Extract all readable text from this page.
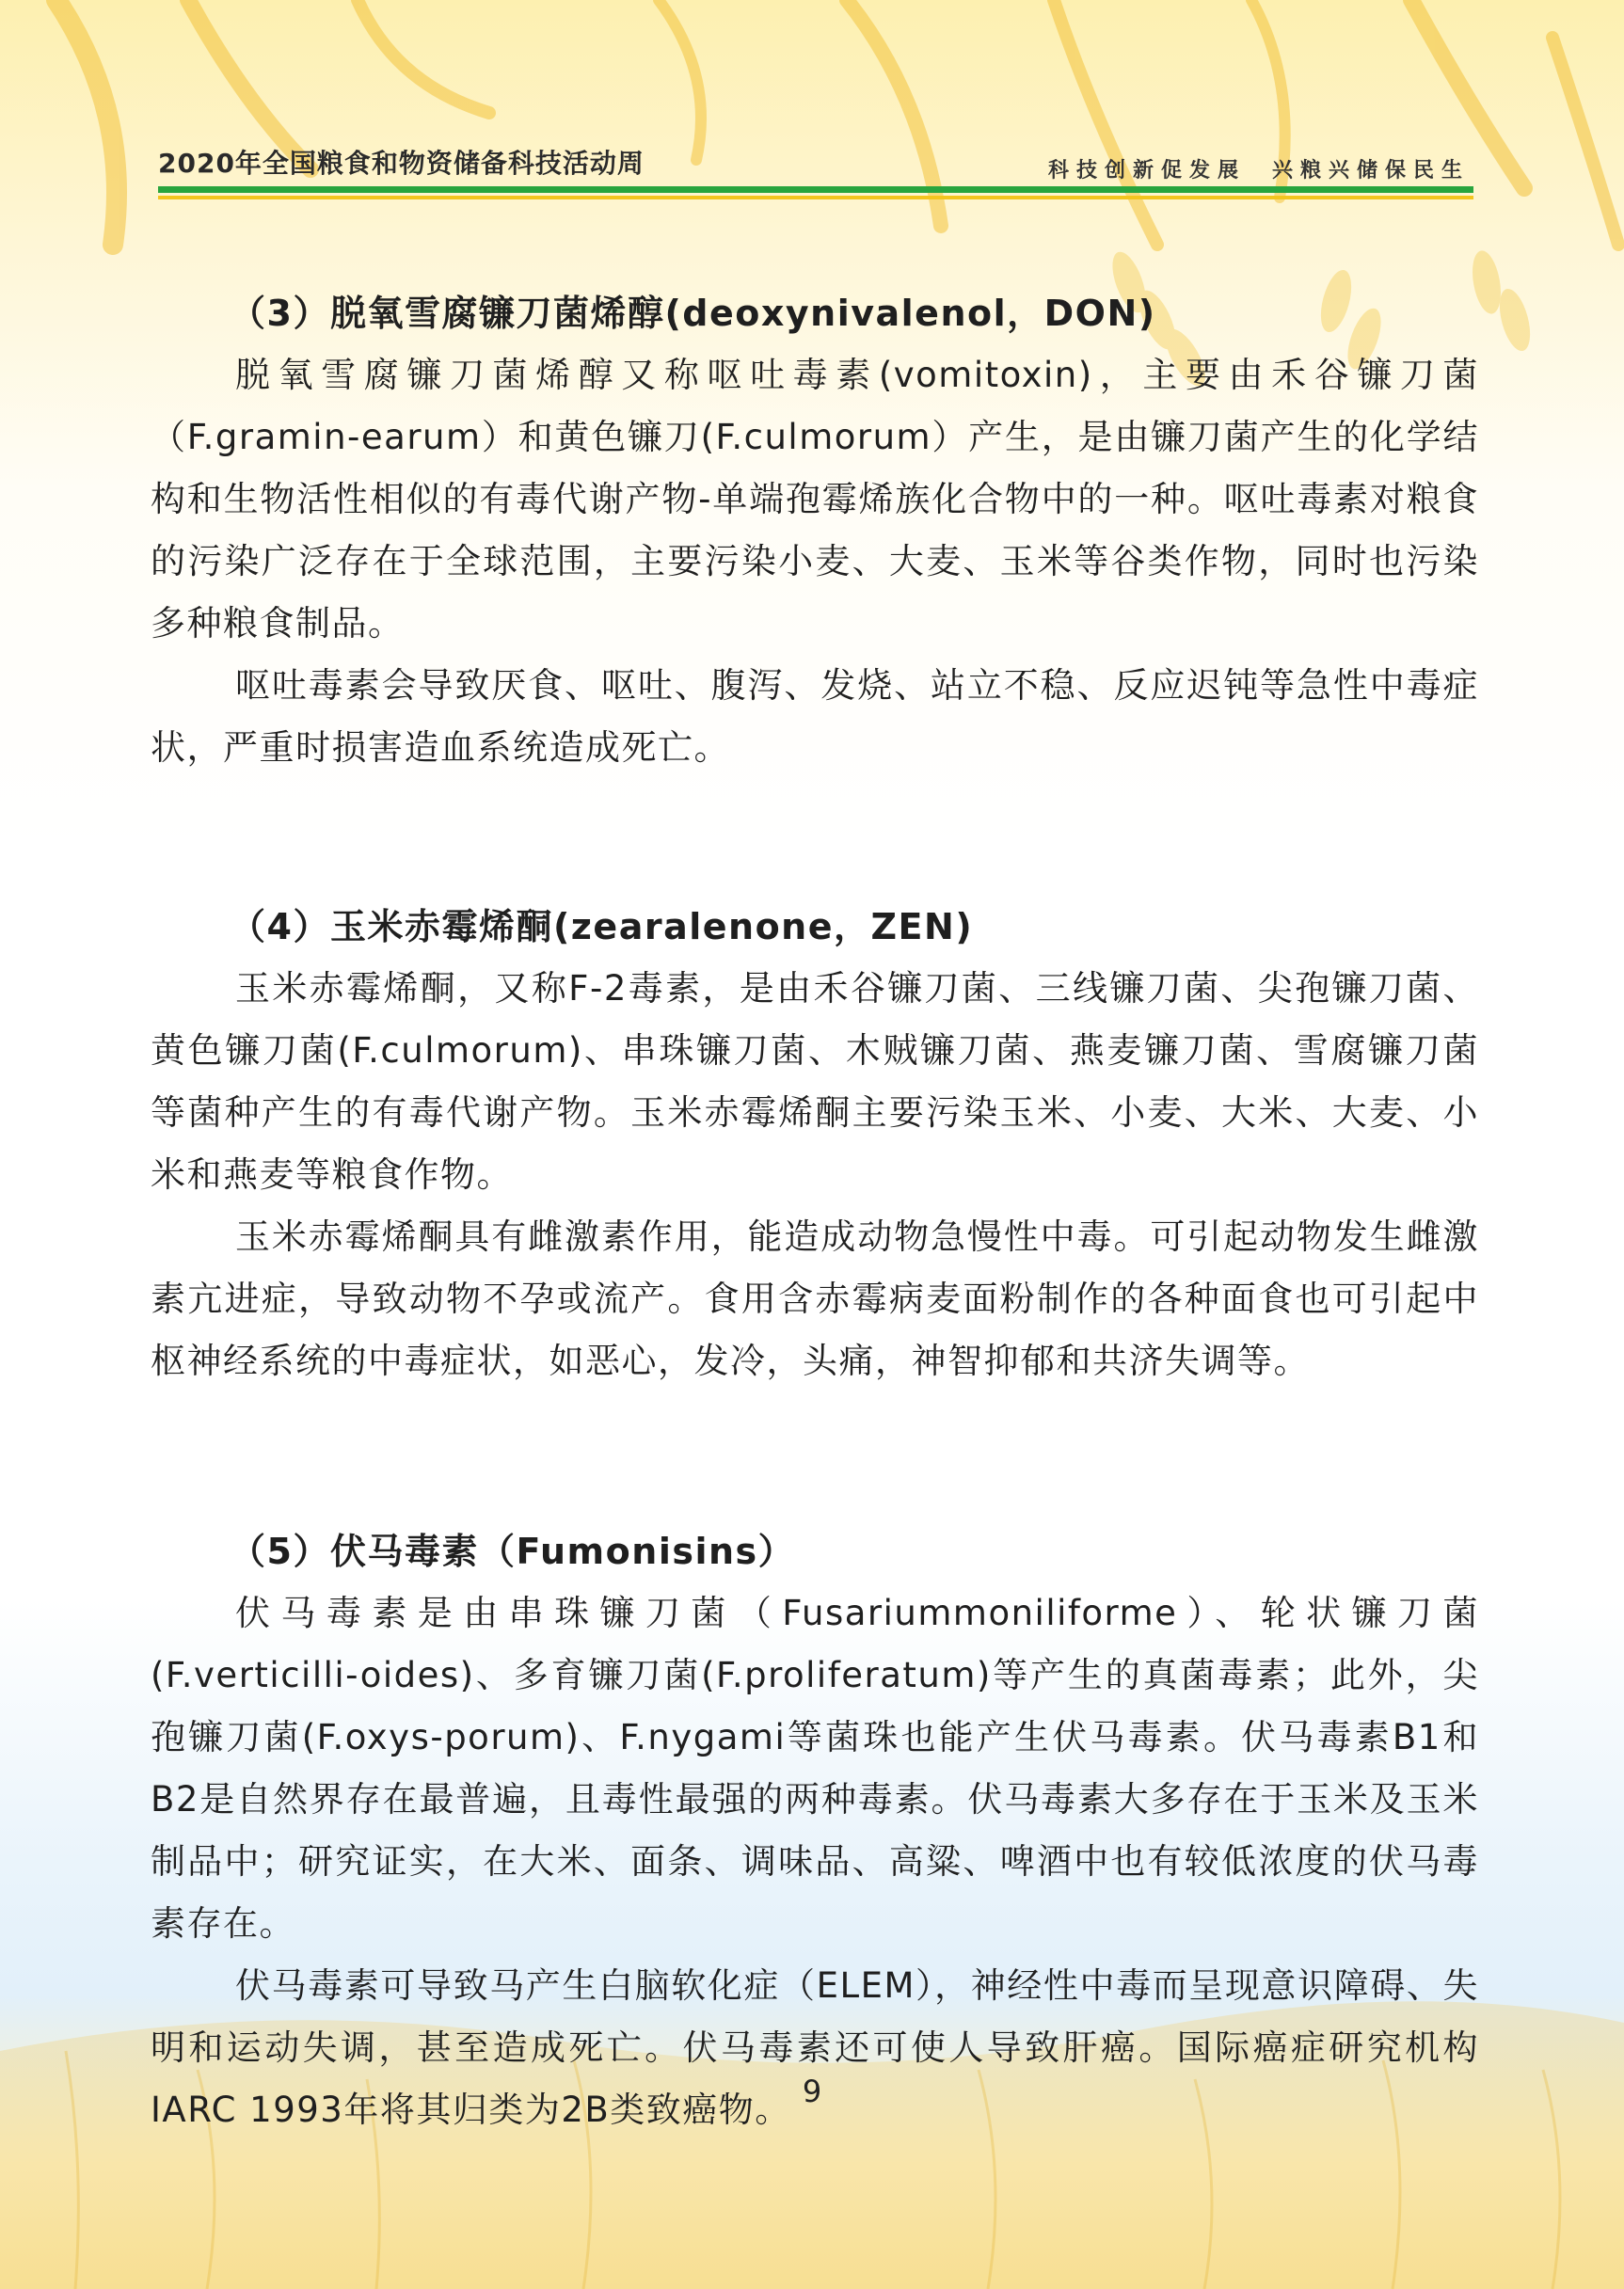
2020年全国粮食和物资储备科技活动周	科技创新促发展 兴粮兴储保民生
（3）脱氧雪腐镰刀菌烯醇(deoxynivalenol，DON)

脱氧雪腐镰刀菌烯醇又称呕吐毒素(vomitoxin)，主要由禾谷镰刀菌（F.gramin-earum）和黄色镰刀(F.culmorum）产生，是由镰刀菌产生的化学结构和生物活性相似的有毒代谢产物-单端孢霉烯族化合物中的一种。呕吐毒素对粮食的污染广泛存在于全球范围，主要污染小麦、大麦、玉米等谷类作物，同时也污染多种粮食制品。

呕吐毒素会导致厌食、呕吐、腹泻、发烧、站立不稳、反应迟钝等急性中毒症状，严重时损害造血系统造成死亡。

（4）玉米赤霉烯酮(zearalenone，ZEN)

玉米赤霉烯酮，又称F-2毒素，是由禾谷镰刀菌、三线镰刀菌、尖孢镰刀菌、黄色镰刀菌(F.culmorum)、串珠镰刀菌、木贼镰刀菌、燕麦镰刀菌、雪腐镰刀菌等菌种产生的有毒代谢产物。玉米赤霉烯酮主要污染玉米、小麦、大米、大麦、小米和燕麦等粮食作物。

玉米赤霉烯酮具有雌激素作用，能造成动物急慢性中毒。可引起动物发生雌激素亢进症，导致动物不孕或流产。食用含赤霉病麦面粉制作的各种面食也可引起中枢神经系统的中毒症状，如恶心，发冷，头痛，神智抑郁和共济失调等。

（5）伏马毒素（Fumonisins）

伏马毒素是由串珠镰刀菌（Fusariummoniliforme）、轮状镰刀菌(F.verticilli-oides)、多育镰刀菌(F.proliferatum)等产生的真菌毒素；此外，尖孢镰刀菌(F.oxys-porum)、F.nygami等菌珠也能产生伏马毒素。伏马毒素B1和B2是自然界存在最普遍，且毒性最强的两种毒素。伏马毒素大多存在于玉米及玉米制品中；研究证实，在大米、面条、调味品、高粱、啤酒中也有较低浓度的伏马毒素存在。

伏马毒素可导致马产生白脑软化症（ELEM），神经性中毒而呈现意识障碍、失明和运动失调，甚至造成死亡。伏马毒素还可使人导致肝癌。国际癌症研究机构IARC 1993年将其归类为2B类致癌物。 9
